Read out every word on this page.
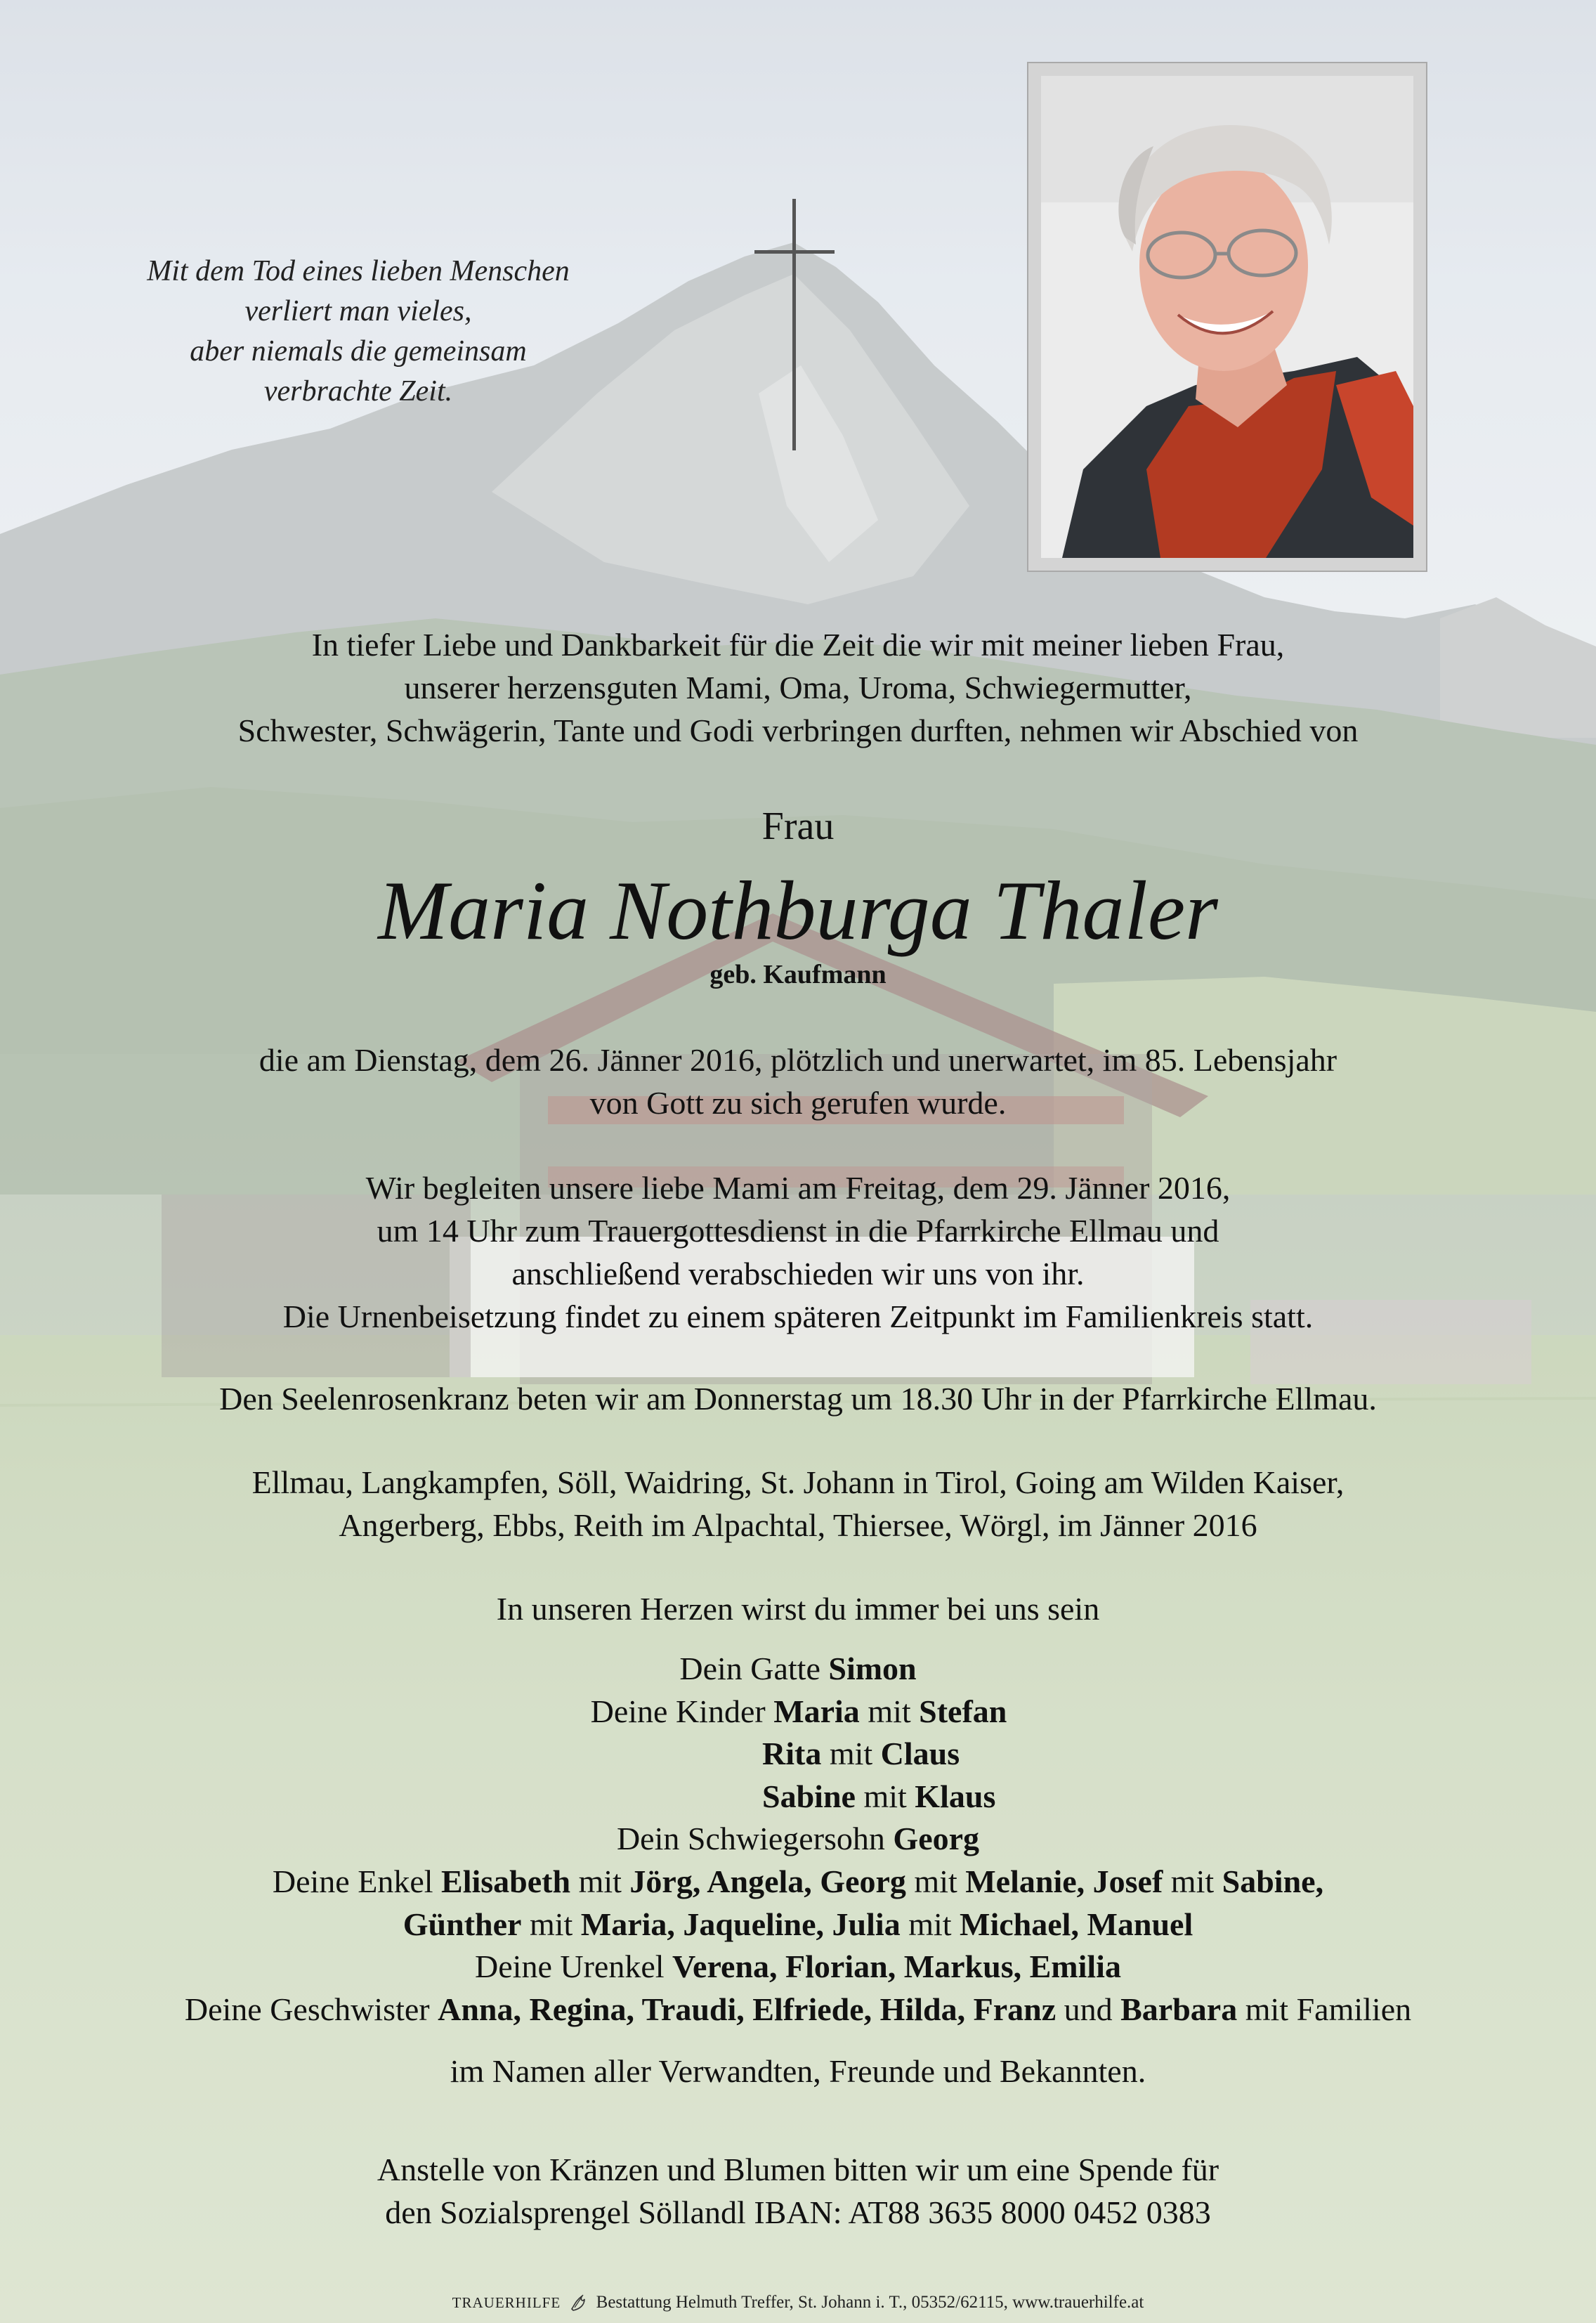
Mit dem Tod eines lieben Menschen
verliert man vieles,
aber niemals die gemeinsam
verbrachte Zeit.
In tiefer Liebe und Dankbarkeit für die Zeit die wir mit meiner lieben Frau,
unserer herzensguten Mami, Oma, Uroma, Schwiegermutter,
Schwester, Schwägerin, Tante und Godi verbringen durften, nehmen wir Abschied von
Frau
Maria Nothburga Thaler
geb. Kaufmann
die am Dienstag, dem 26. Jänner 2016, plötzlich und unerwartet, im 85. Lebensjahr
von Gott zu sich gerufen wurde.
Wir begleiten unsere liebe Mami am Freitag, dem 29. Jänner 2016,
um 14 Uhr zum Trauergottesdienst in die Pfarrkirche Ellmau und
anschließend verabschieden wir uns von ihr.
Die Urnenbeisetzung findet zu einem späteren Zeitpunkt im Familienkreis statt.
Den Seelenrosenkranz beten wir am Donnerstag um 18.30 Uhr in der Pfarrkirche Ellmau.
Ellmau, Langkampfen, Söll, Waidring, St. Johann in Tirol, Going am Wilden Kaiser,
Angerberg, Ebbs, Reith im Alpachtal, Thiersee, Wörgl, im Jänner 2016
In unseren Herzen wirst du immer bei uns sein
Dein Gatte Simon
Deine Kinder Maria mit Stefan
Rita mit Claus
Sabine mit Klaus
Dein Schwiegersohn Georg
Deine Enkel Elisabeth mit Jörg, Angela, Georg mit Melanie, Josef mit Sabine,
Günther mit Maria, Jaqueline, Julia mit Michael, Manuel
Deine Urenkel Verena, Florian, Markus, Emilia
Deine Geschwister Anna, Regina, Traudi, Elfriede, Hilda, Franz und Barbara mit Familien
im Namen aller Verwandten, Freunde und Bekannten.
Anstelle von Kränzen und Blumen bitten wir um eine Spende für
den Sozialsprengel Söllandl IBAN: AT88 3635 8000 0452 0383
TRAUERHILFE Bestattung Helmuth Treffer, St. Johann i. T., 05352/62115, www.trauerhilfe.at
